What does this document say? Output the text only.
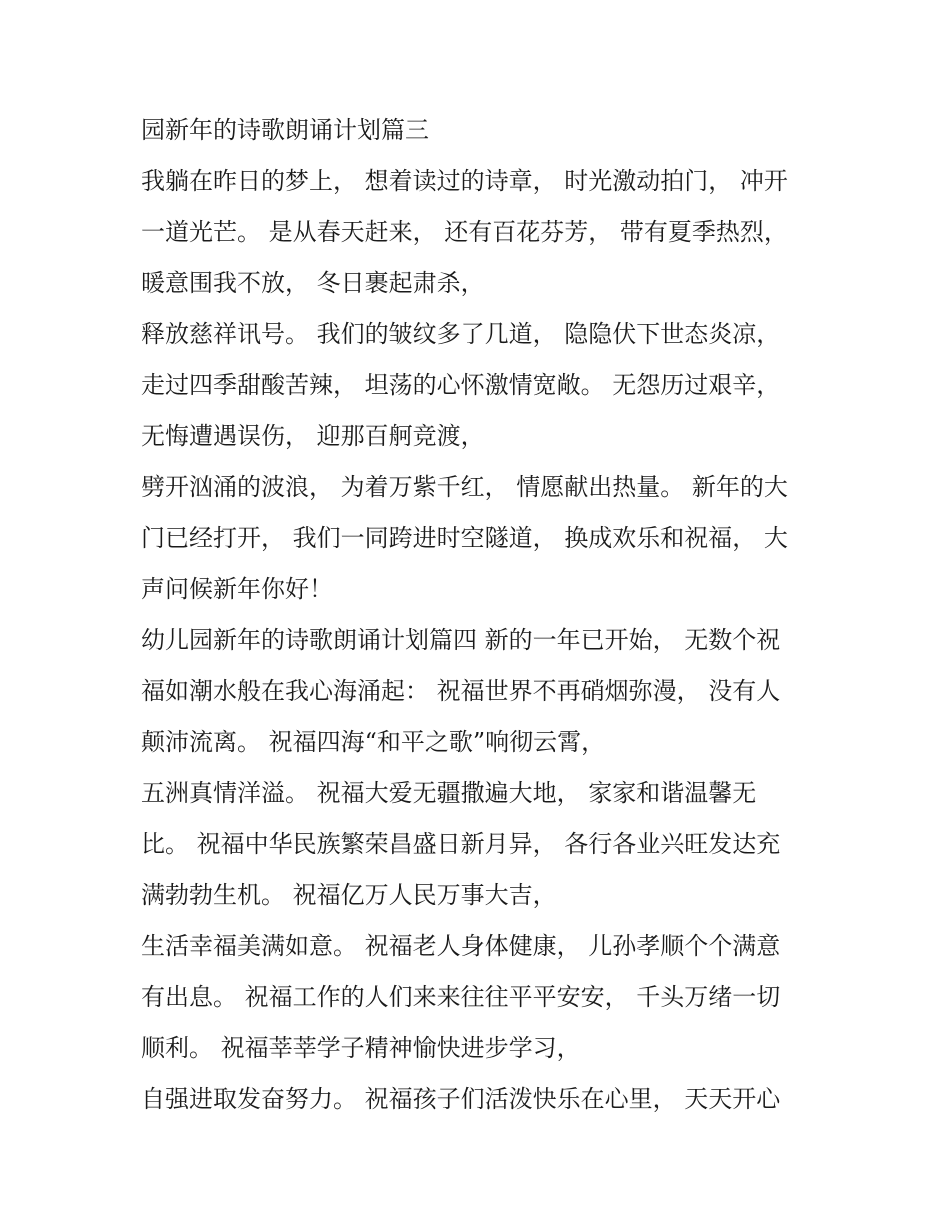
园新年的诗歌朗诵计划篇三
我躺在昨日的梦上， 想着读过的诗章， 时光激动拍门， 冲开
一道光芒。 是从春天赶来， 还有百花芬芳， 带有夏季热烈，
暖意围我不放， 冬日裹起肃杀，
释放慈祥讯号。 我们的皱纹多了几道， 隐隐伏下世态炎凉，
走过四季甜酸苦辣， 坦荡的心怀激情宽敞。 无怨历过艰辛，
无悔遭遇误伤， 迎那百舸竞渡，
劈开汹涌的波浪， 为着万紫千红， 情愿献出热量。 新年的大
门已经打开， 我们一同跨进时空隧道， 换成欢乐和祝福， 大
声问候新年你好！
幼儿园新年的诗歌朗诵计划篇四 新的一年已开始， 无数个祝
福如潮水般在我心海涌起： 祝福世界不再硝烟弥漫， 没有人
颠沛流离。 祝福四海“和平之歌”响彻云霄，
五洲真情洋溢。 祝福大爱无疆撒遍大地， 家家和谐温馨无
比。 祝福中华民族繁荣昌盛日新月异， 各行各业兴旺发达充
满勃勃生机。 祝福亿万人民万事大吉，
生活幸福美满如意。 祝福老人身体健康， 儿孙孝顺个个满意
有出息。 祝福工作的人们来来往往平平安安， 千头万绪一切
顺利。 祝福莘莘学子精神愉快进步学习，
自强进取发奋努力。 祝福孩子们活泼快乐在心里， 天天开心
